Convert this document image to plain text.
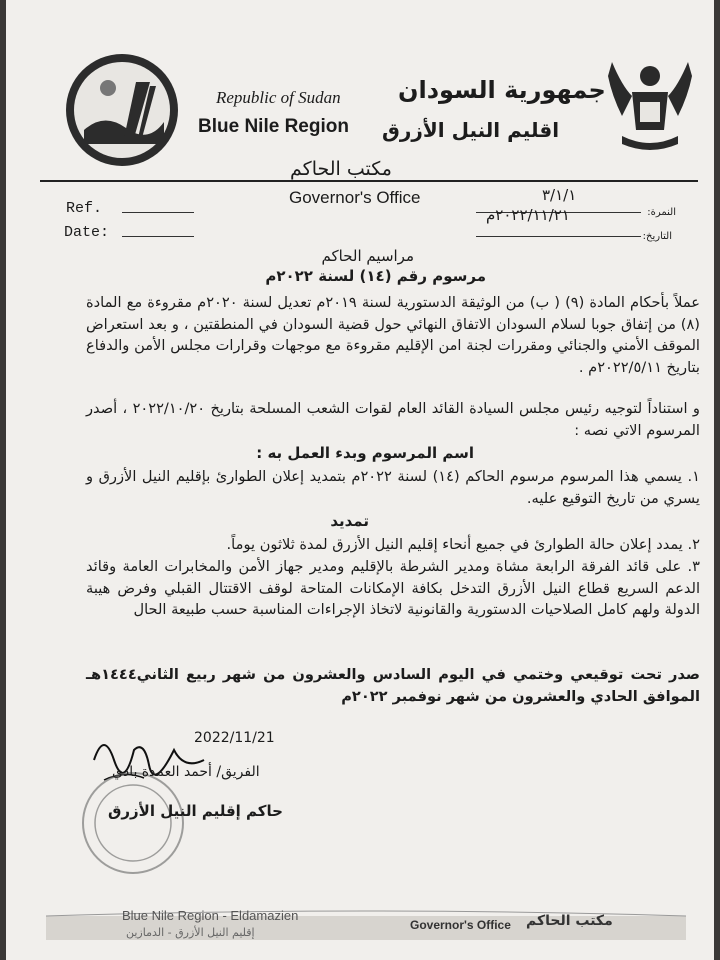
Republic of Sudan
Blue Nile Region
جمهورية السودان
اقليم النيل الأزرق
مكتب الحاكم
Governor's Office
Ref.
Date:
٣/١/١
النمرة:
٢٠٢٢/١١/٢١م
التاريخ:
مراسيم الحاكم
مرسوم رقم (١٤) لسنة ٢٠٢٢م
عملاً بأحكام المادة (٩) ( ب) من الوثيقة الدستورية لسنة ٢٠١٩م تعديل لسنة ٢٠٢٠م مقروءة مع المادة (٨) من إتفاق جوبا لسلام السودان الاتفاق النهائي حول قضية السودان في المنطقتين ، و بعد استعراض الموقف الأمني والجنائي ومقررات لجنة امن الإقليم مقروءة مع موجهات وقرارات مجلس الأمن والدفاع بتاريخ ٢٠٢٢/٥/١١م .
و استناداً لتوجيه رئيس مجلس السيادة القائد العام لقوات الشعب المسلحة بتاريخ ٢٠٢٢/١٠/٢٠ ، أصدر المرسوم الاتي نصه :
اسم المرسوم وبدء العمل به :
١. يسمي هذا المرسوم مرسوم الحاكم (١٤) لسنة ٢٠٢٢م بتمديد إعلان الطوارئ بإقليم النيل الأزرق و يسري من تاريخ التوقيع عليه.
تمديد
٢. يمدد إعلان حالة الطوارئ في جميع أنحاء إقليم النيل الأزرق لمدة ثلاثون يوماً.
٣. على قائد الفرقة الرابعة مشاة ومدير الشرطة بالإقليم ومدير جهاز الأمن والمخابرات العامة وقائد الدعم السريع قطاع النيل الأزرق التدخل بكافة الإمكانات المتاحة لوقف الاقتتال القبلي وفرض هيبة الدولة ولهم كامل الصلاحيات الدستورية والقانونية لاتخاذ الإجراءات المناسبة حسب طبيعة الحال
صدر تحت توقيعي وختمي في اليوم السادس والعشرون من شهر ربيع الثاني١٤٤٤هـ الموافق الحادي والعشرون من شهر نوفمبر ٢٠٢٢م
2022/11/21
الفريق/ أحمد العمدة بادي
حاكم إقليم النيل الأزرق
Blue Nile Region - Eldamazien
إقليم النيل الأزرق - الدمازين
Governor's Office مكتب الحاكم
